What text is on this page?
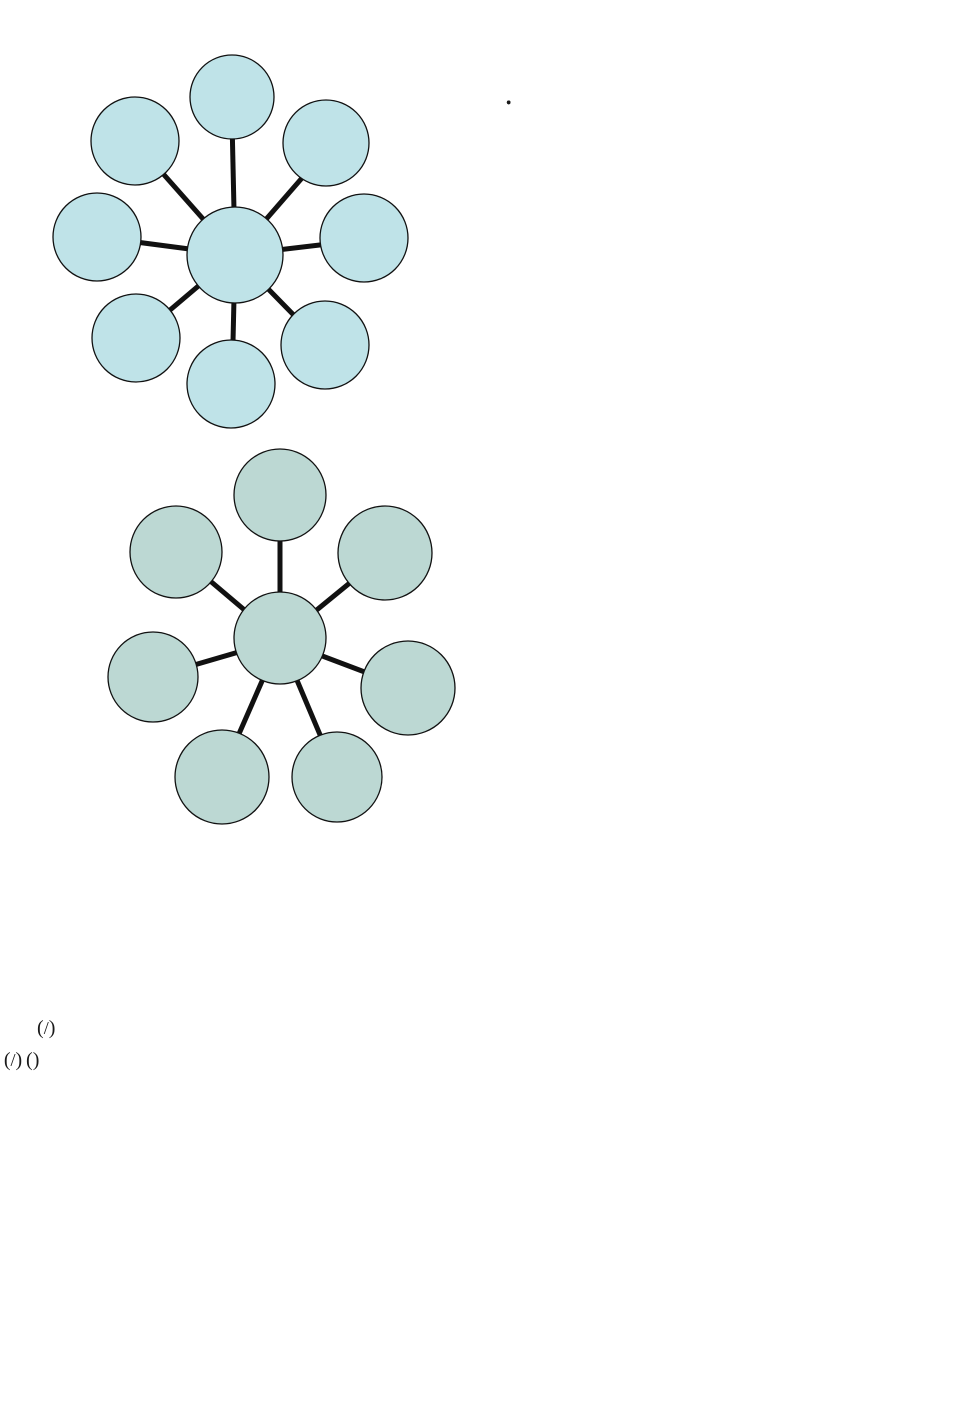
(/)

(/) ()
